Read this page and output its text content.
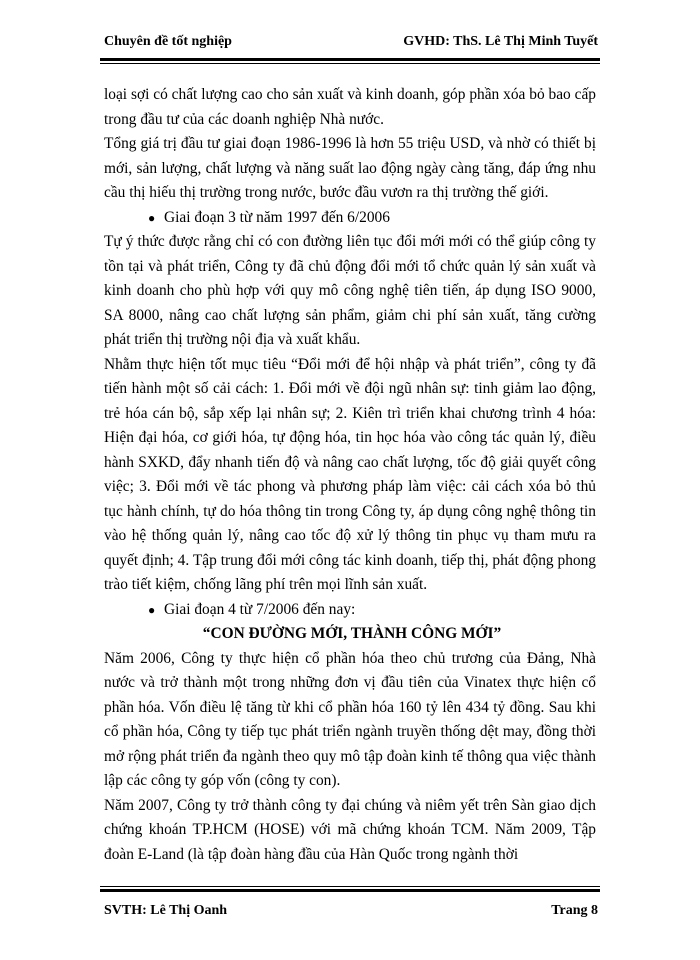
Chuyên đề tốt nghiệp	GVHD: ThS. Lê Thị Minh Tuyết

loại sợi có chất lượng cao cho sản xuất và kinh doanh, góp phần xóa bỏ bao cấp trong đầu tư của các doanh nghiệp Nhà nước.

Tổng giá trị đầu tư giai đoạn 1986-1996 là hơn 55 triệu USD, và nhờ có thiết bị mới, sản lượng, chất lượng và năng suất lao động ngày càng tăng, đáp ứng nhu cầu thị hiếu thị trường trong nước, bước đầu vươn ra thị trường thế giới.

● Giai đoạn 3 từ năm 1997 đến 6/2006

Tự ý thức được rằng chỉ có con đường liên tục đổi mới mới có thể giúp công ty tồn tại và phát triển, Công ty đã chủ động đổi mới tổ chức quản lý sản xuất và kinh doanh cho phù hợp với quy mô công nghệ tiên tiến, áp dụng ISO 9000, SA 8000, nâng cao chất lượng sản phẩm, giảm chi phí sản xuất, tăng cường phát triển thị trường nội địa và xuất khẩu.

Nhằm thực hiện tốt mục tiêu “Đổi mới để hội nhập và phát triển”, công ty đã tiến hành một số cải cách: 1. Đổi mới về đội ngũ nhân sự: tinh giảm lao động, trẻ hóa cán bộ, sắp xếp lại nhân sự; 2. Kiên trì triển khai chương trình 4 hóa: Hiện đại hóa, cơ giới hóa, tự động hóa, tin học hóa vào công tác quản lý, điều hành SXKD, đẩy nhanh tiến độ và nâng cao chất lượng, tốc độ giải quyết công việc; 3. Đổi mới về tác phong và phương pháp làm việc: cải cách xóa bỏ thủ tục hành chính, tự do hóa thông tin trong Công ty, áp dụng công nghệ thông tin vào hệ thống quản lý, nâng cao tốc độ xử lý thông tin phục vụ tham mưu ra quyết định; 4. Tập trung đổi mới công tác kinh doanh, tiếp thị, phát động phong trào tiết kiệm, chống lãng phí trên mọi lĩnh sản xuất.

● Giai đoạn 4 từ 7/2006 đến nay:

“CON ĐƯỜNG MỚI, THÀNH CÔNG MỚI”

Năm 2006, Công ty thực hiện cổ phần hóa theo chủ trương của Đảng, Nhà nước và trở thành một trong những đơn vị đầu tiên của Vinatex thực hiện cổ phần hóa. Vốn điều lệ tăng từ khi cổ phần hóa 160 tỷ lên 434 tỷ đồng. Sau khi cổ phần hóa, Công ty tiếp tục phát triển ngành truyền thống dệt may, đồng thời mở rộng phát triển đa ngành theo quy mô tập đoàn kinh tế thông qua việc thành lập các công ty góp vốn (công ty con).

Năm 2007, Công ty trở thành công ty đại chúng và niêm yết trên Sàn giao dịch chứng khoán TP.HCM (HOSE) với mã chứng khoán TCM. Năm 2009, Tập đoàn E-Land (là tập đoàn hàng đầu của Hàn Quốc trong ngành thời

SVTH: Lê Thị Oanh	Trang 8
